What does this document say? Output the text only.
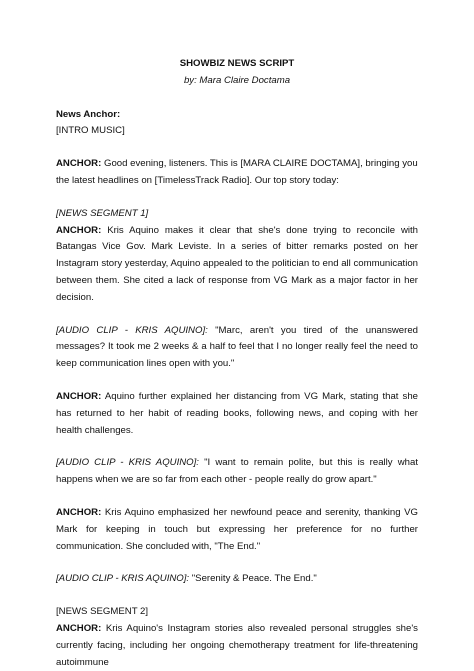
SHOWBIZ NEWS SCRIPT

by: Mara Claire Doctama

News Anchor:

[INTRO MUSIC]

ANCHOR: Good evening, listeners. This is [MARA CLAIRE DOCTAMA], bringing you the latest headlines on [TimelessTrack Radio]. Our top story today:

[NEWS SEGMENT 1]

ANCHOR: Kris Aquino makes it clear that she's done trying to reconcile with Batangas Vice Gov. Mark Leviste. In a series of bitter remarks posted on her Instagram story yesterday, Aquino appealed to the politician to end all communication between them. She cited a lack of response from VG Mark as a major factor in her decision.

[AUDIO CLIP - KRIS AQUINO]: "Marc, aren't you tired of the unanswered messages? It took me 2 weeks & a half to feel that I no longer really feel the need to keep communication lines open with you."

ANCHOR: Aquino further explained her distancing from VG Mark, stating that she has returned to her habit of reading books, following news, and coping with her health challenges.

[AUDIO CLIP - KRIS AQUINO]: "I want to remain polite, but this is really what happens when we are so far from each other - people really do grow apart."

ANCHOR: Kris Aquino emphasized her newfound peace and serenity, thanking VG Mark for keeping in touch but expressing her preference for no further communication. She concluded with, "The End."

[AUDIO CLIP - KRIS AQUINO]: "Serenity & Peace. The End."

[NEWS SEGMENT 2]

ANCHOR: Kris Aquino's Instagram stories also revealed personal struggles she's currently facing, including her ongoing chemotherapy treatment for life-threatening autoimmune
